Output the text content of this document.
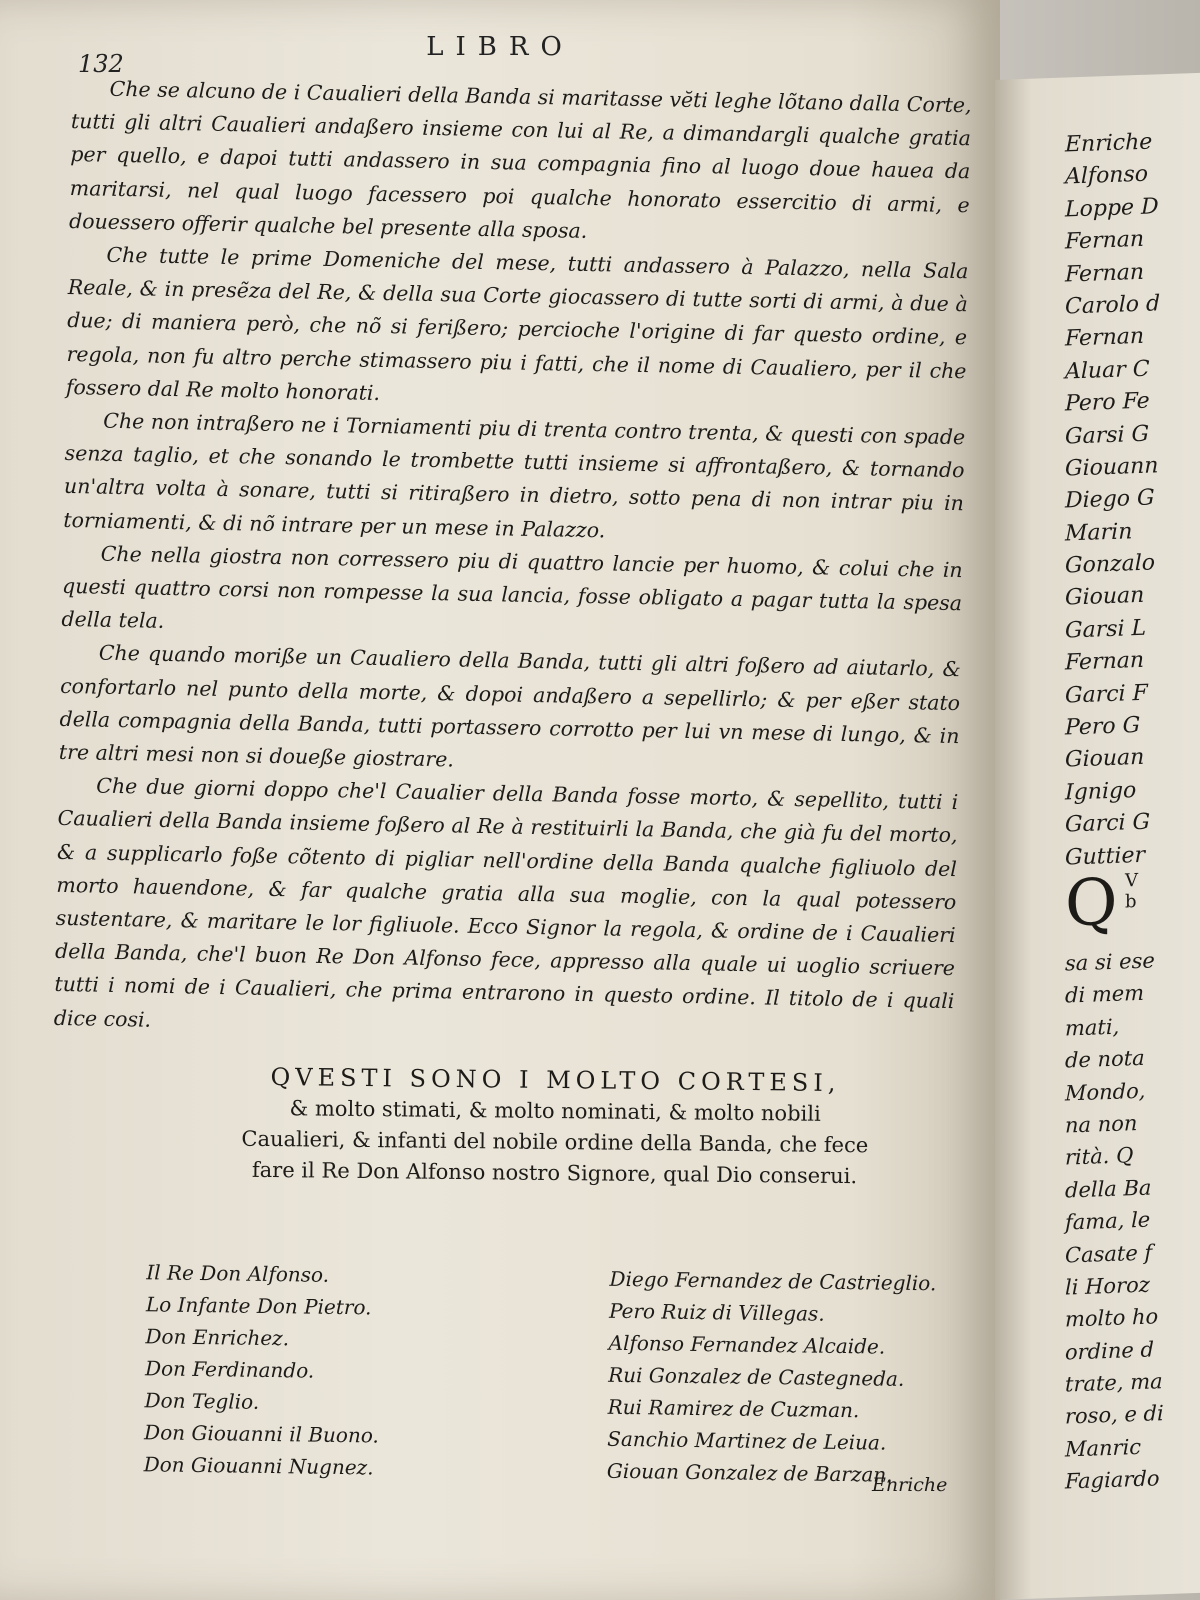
LIBRO
132

Che se alcuno de i Caualieri della Banda si maritasse vĕti leghe lõtano dalla Corte, tutti gli altri Caualieri andaßero insieme con lui al Re, a dimandargli qualche gratia per quello, e dapoi tutti andassero in sua compagnia fino al luogo doue hauea da maritarsi, nel qual luogo facessero poi qualche honorato essercitio di armi, e douessero offerir qualche bel presente alla sposa.

Che tutte le prime Domeniche del mese, tutti andassero à Palazzo, nella Sala Reale, & in presẽza del Re, & della sua Corte giocassero di tutte sorti di armi, à due à due; di maniera però, che nõ si ferißero; percioche l'origine di far questo ordine, e regola, non fu altro perche stimassero piu i fatti, che il nome di Caualiero, per il che fossero dal Re molto honorati.

Che non intraßero ne i Torniamenti piu di trenta contro trenta, & questi con spade senza taglio, et che sonando le trombette tutti insieme si affrontaßero, & tornando un'altra volta à sonare, tutti si ritiraßero in dietro, sotto pena di non intrar piu in torniamenti, & di nõ intrare per un mese in Palazzo.

Che nella giostra non corressero piu di quattro lancie per huomo, & colui che in questi quattro corsi non rompesse la sua lancia, fosse obligato a pagar tutta la spesa della tela.

Che quando moriße un Caualiero della Banda, tutti gli altri foßero ad aiutarlo, & confortarlo nel punto della morte, & dopoi andaßero a sepellirlo; & per eßer stato della compagnia della Banda, tutti portassero corrotto per lui vn mese di lungo, & in tre altri mesi non si doueße giostrare.

Che due giorni doppo che'l Caualier della Banda fosse morto, & sepellito, tutti i Caualieri della Banda insieme foßero al Re à restituirli la Banda, che già fu del morto, & a supplicarlo foße cõtento di pigliar nell'ordine della Banda qualche figliuolo del morto hauendone, & far qualche gratia alla sua moglie, con la qual potessero sustentare, & maritare le lor figliuole. Ecco Signor la regola, & ordine de i Caualieri della Banda, che'l buon Re Don Alfonso fece, appresso alla quale ui uoglio scriuere tutti i nomi de i Caualieri, che prima entrarono in questo ordine. Il titolo de i quali dice cosi.

QVESTI SONO I MOLTO CORTESI,
& molto stimati, & molto nominati, & molto nobili Caualieri, & infanti del nobile ordine della Banda, che fece fare il Re Don Alfonso nostro Signore, qual Dio conserui.
Il Re Don Alfonso.
Lo Infante Don Pietro.
Don Enrichez.
Don Ferdinando.
Don Teglio.
Don Giouanni il Buono.
Don Giouanni Nugnez.
Diego Fernandez de Castrieglio.
Pero Ruiz di Villegas.
Alfonso Fernandez Alcaide.
Rui Gonzalez de Castegneda.
Rui Ramirez de Cuzman.
Sanchio Martinez de Leiua.
Giouan Gonzalez de Barzan.
Enriche
Enriche
Alfonso
Loppe D
Fernan
Fernan
Carolo d
Fernan
Aluar C
Pero Fe
Garsi G
Giouann
Diego G
Marin
Gonzalo
Giouan
Garsi L
Fernan
Garci F
Pero G
Giouan
Ignigo
Garci G
Guttier
Q V
b
sa si ese
di mem
mati,
de nota
Mondo,
na non
rità. Q
della Ba
fama, le
Casate f
li Horoz
molto ho
ordine d
trate, ma
roso, e di
Manric
Fagiardo
